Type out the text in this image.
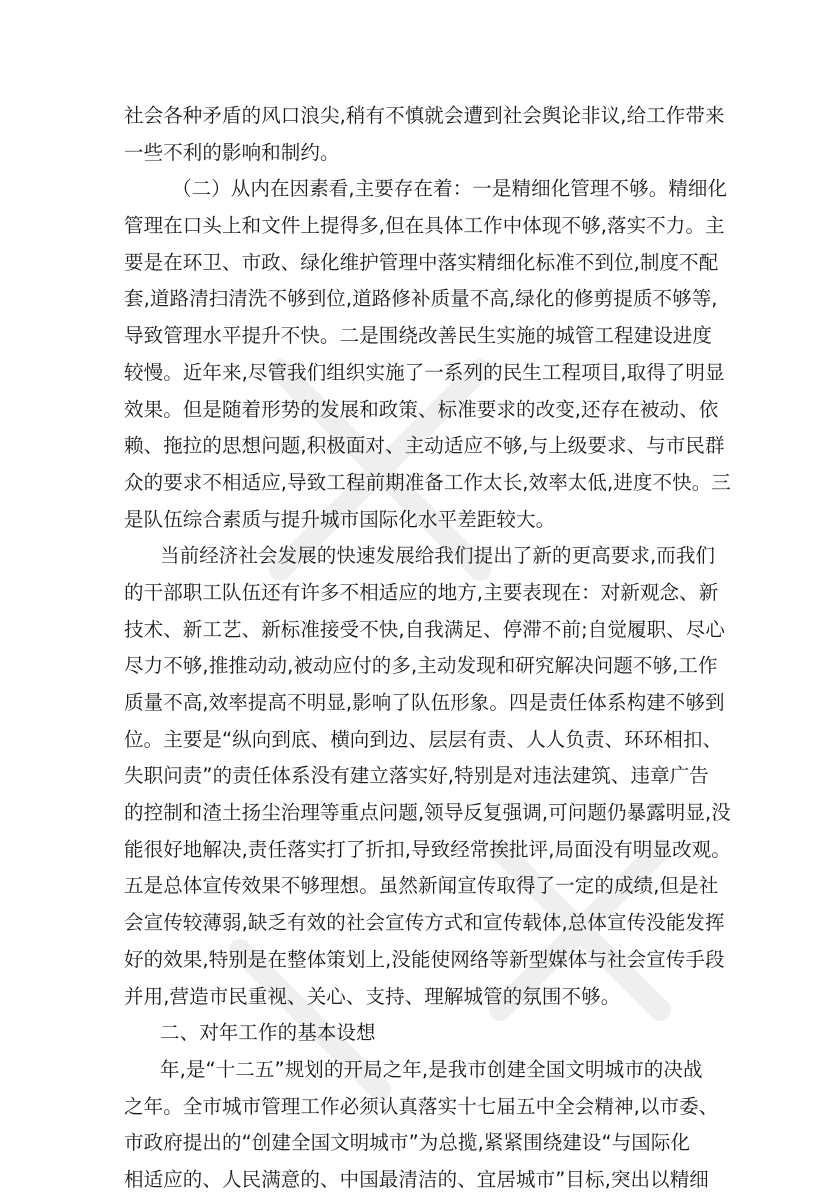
社会各种矛盾的风口浪尖,稍有不慎就会遭到社会舆论非议,给工作带来
一些不利的影响和制约。
（二）从内在因素看,主要存在着：一是精细化管理不够。精细化
管理在口头上和文件上提得多,但在具体工作中体现不够,落实不力。主
要是在环卫、市政、绿化维护管理中落实精细化标准不到位,制度不配
套,道路清扫清洗不够到位,道路修补质量不高,绿化的修剪提质不够等,
导致管理水平提升不快。二是围绕改善民生实施的城管工程建设进度
较慢。近年来,尽管我们组织实施了一系列的民生工程项目,取得了明显
效果。但是随着形势的发展和政策、标准要求的改变,还存在被动、依
赖、拖拉的思想问题,积极面对、主动适应不够,与上级要求、与市民群
众的要求不相适应,导致工程前期准备工作太长,效率太低,进度不快。三
是队伍综合素质与提升城市国际化水平差距较大。
当前经济社会发展的快速发展给我们提出了新的更高要求,而我们
的干部职工队伍还有许多不相适应的地方,主要表现在：对新观念、新
技术、新工艺、新标准接受不快,自我满足、停滞不前;自觉履职、尽心
尽力不够,推推动动,被动应付的多,主动发现和研究解决问题不够,工作
质量不高,效率提高不明显,影响了队伍形象。四是责任体系构建不够到
位。主要是“纵向到底、横向到边、层层有责、人人负责、环环相扣、
失职问责”的责任体系没有建立落实好,特别是对违法建筑、违章广告
的控制和渣土扬尘治理等重点问题,领导反复强调,可问题仍暴露明显,没
能很好地解决,责任落实打了折扣,导致经常挨批评,局面没有明显改观。
五是总体宣传效果不够理想。虽然新闻宣传取得了一定的成绩,但是社
会宣传较薄弱,缺乏有效的社会宣传方式和宣传载体,总体宣传没能发挥
好的效果,特别是在整体策划上,没能使网络等新型媒体与社会宣传手段
并用,营造市民重视、关心、支持、理解城管的氛围不够。
二、对年工作的基本设想
年,是“十二五”规划的开局之年,是我市创建全国文明城市的决战
之年。全市城市管理工作必须认真落实十七届五中全会精神,以市委、
市政府提出的“创建全国文明城市”为总揽,紧紧围绕建设“与国际化
相适应的、人民满意的、中国最清洁的、宜居城市”目标,突出以精细
